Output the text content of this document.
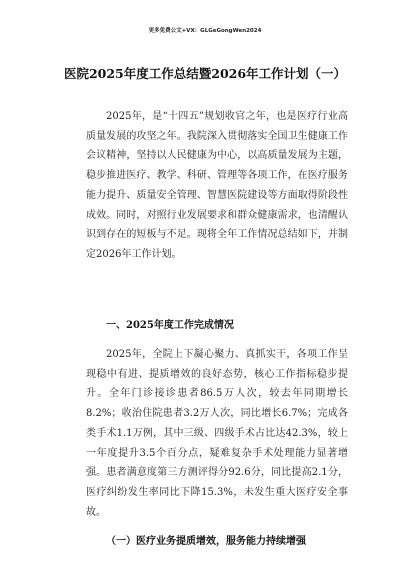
更多免费公文+VX：GLGeGongWen2024
医院2025年度工作总结暨2026年工作计划（一）
2025年，是“十四五”规划收官之年，也是医疗行业高质量发展的攻坚之年。我院深入贯彻落实全国卫生健康工作会议精神，坚持以人民健康为中心，以高质量发展为主题，稳步推进医疗、教学、科研、管理等各项工作，在医疗服务能力提升、质量安全管理、智慧医院建设等方面取得阶段性成效。同时，对照行业发展要求和群众健康需求，也清醒认识到存在的短板与不足。现将全年工作情况总结如下，并制定2026年工作计划。
一、2025年度工作完成情况
2025年，全院上下凝心聚力、真抓实干，各项工作呈现稳中有进、提质增效的良好态势，核心工作指标稳步提升。全年门诊接诊患者86.5万人次，较去年同期增长8.2%；收治住院患者3.2万人次，同比增长6.7%；完成各类手术1.1万例，其中三级、四级手术占比达42.3%，较上一年度提升3.5个百分点，疑难复杂手术处理能力显著增强。患者满意度第三方测评得分92.6分，同比提高2.1分，医疗纠纷发生率同比下降15.3%，未发生重大医疗安全事故。
（一）医疗业务提质增效，服务能力持续增强
